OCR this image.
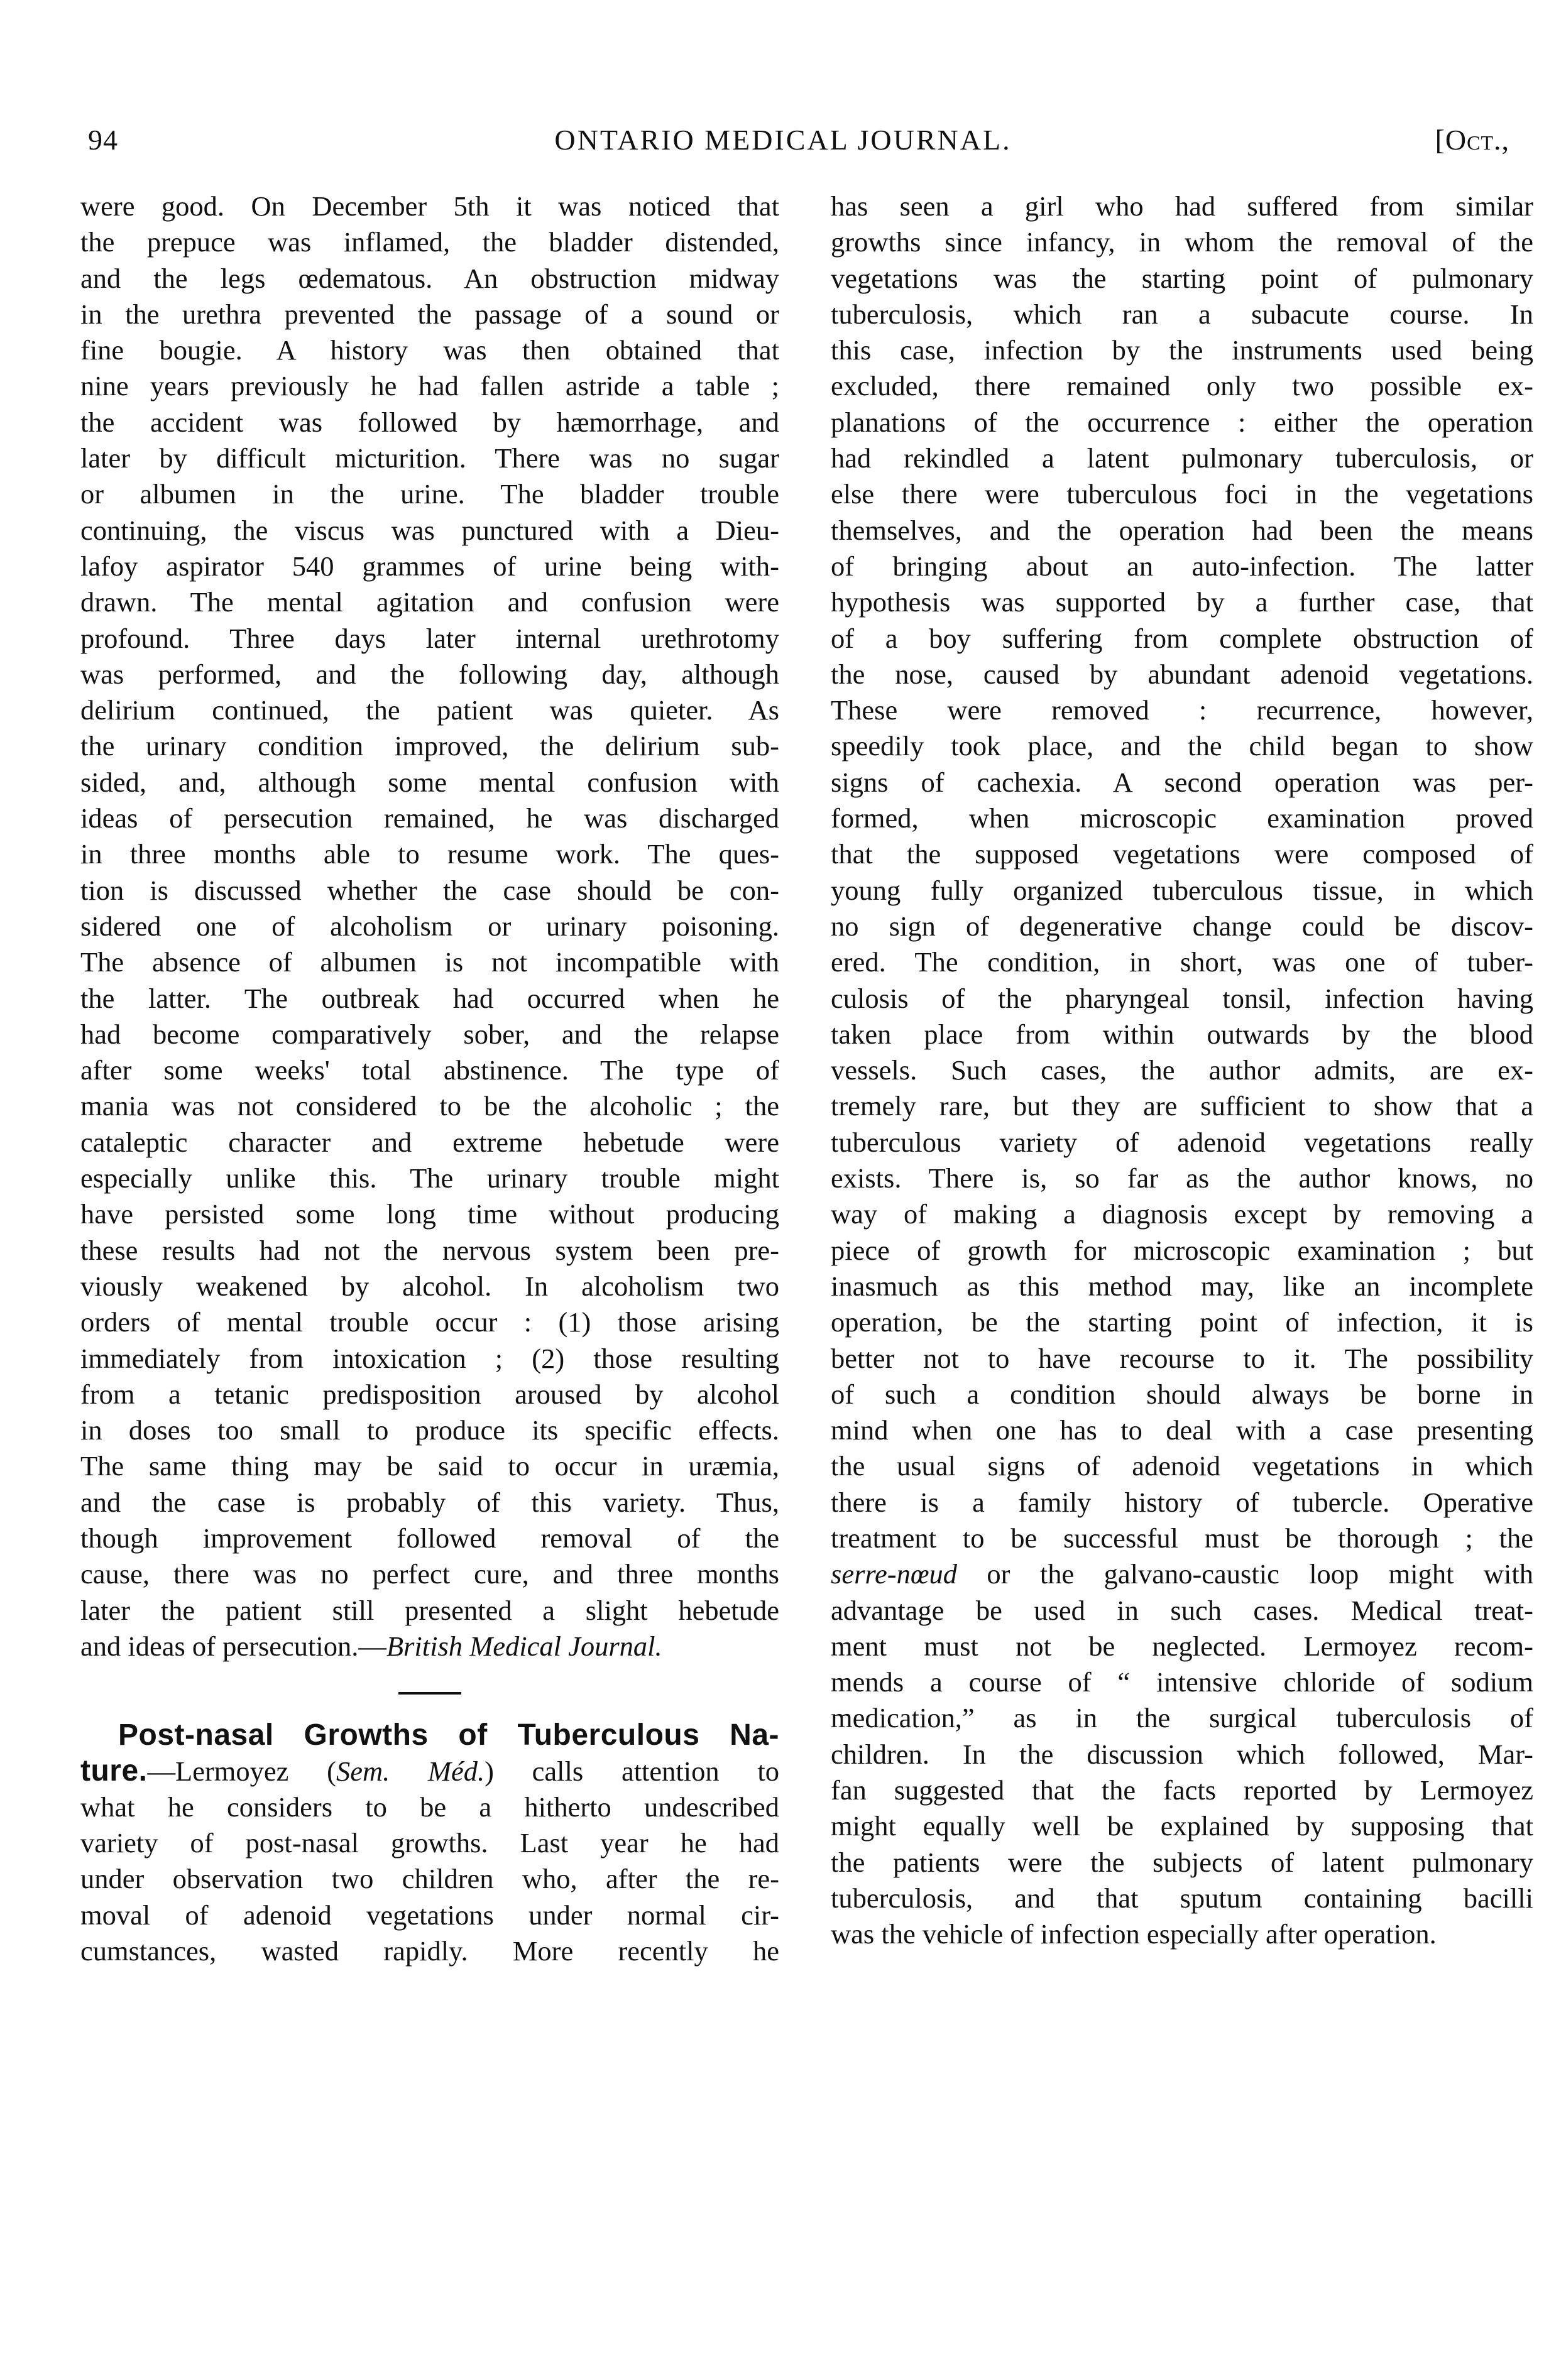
94	ONTARIO MEDICAL JOURNAL.	[Oct.,
were good. On December 5th it was noticed that
the prepuce was inflamed, the bladder distended,
and the legs œdematous. An obstruction midway
in the urethra prevented the passage of a sound or
fine bougie. A history was then obtained that
nine years previously he had fallen astride a table ;
the accident was followed by hæmorrhage, and
later by difficult micturition. There was no sugar
or albumen in the urine. The bladder trouble
continuing, the viscus was punctured with a Dieu-
lafoy aspirator 540 grammes of urine being with-
drawn. The mental agitation and confusion were
profound. Three days later internal urethrotomy
was performed, and the following day, although
delirium continued, the patient was quieter. As
the urinary condition improved, the delirium sub-
sided, and, although some mental confusion with
ideas of persecution remained, he was discharged
in three months able to resume work. The ques-
tion is discussed whether the case should be con-
sidered one of alcoholism or urinary poisoning.
The absence of albumen is not incompatible with
the latter. The outbreak had occurred when he
had become comparatively sober, and the relapse
after some weeks' total abstinence. The type of
mania was not considered to be the alcoholic ; the
cataleptic character and extreme hebetude were
especially unlike this. The urinary trouble might
have persisted some long time without producing
these results had not the nervous system been pre-
viously weakened by alcohol. In alcoholism two
orders of mental trouble occur : (1) those arising
immediately from intoxication ; (2) those resulting
from a tetanic predisposition aroused by alcohol
in doses too small to produce its specific effects.
The same thing may be said to occur in uræmia,
and the case is probably of this variety. Thus,
though improvement followed removal of the
cause, there was no perfect cure, and three months
later the patient still presented a slight hebetude
and ideas of persecution.—British Medical Journal.
Post-nasal Growths of Tuberculous Na-
ture.—Lermoyez (Sem. Méd.) calls attention to
what he considers to be a hitherto undescribed
variety of post-nasal growths. Last year he had
under observation two children who, after the re-
moval of adenoid vegetations under normal cir-
cumstances, wasted rapidly. More recently he
has seen a girl who had suffered from similar
growths since infancy, in whom the removal of the
vegetations was the starting point of pulmonary
tuberculosis, which ran a subacute course. In
this case, infection by the instruments used being
excluded, there remained only two possible ex-
planations of the occurrence : either the operation
had rekindled a latent pulmonary tuberculosis, or
else there were tuberculous foci in the vegetations
themselves, and the operation had been the means
of bringing about an auto-infection. The latter
hypothesis was supported by a further case, that
of a boy suffering from complete obstruction of
the nose, caused by abundant adenoid vegetations.
These were removed : recurrence, however,
speedily took place, and the child began to show
signs of cachexia. A second operation was per-
formed, when microscopic examination proved
that the supposed vegetations were composed of
young fully organized tuberculous tissue, in which
no sign of degenerative change could be discov-
ered. The condition, in short, was one of tuber-
culosis of the pharyngeal tonsil, infection having
taken place from within outwards by the blood
vessels. Such cases, the author admits, are ex-
tremely rare, but they are sufficient to show that a
tuberculous variety of adenoid vegetations really
exists. There is, so far as the author knows, no
way of making a diagnosis except by removing a
piece of growth for microscopic examination ; but
inasmuch as this method may, like an incomplete
operation, be the starting point of infection, it is
better not to have recourse to it. The possibility
of such a condition should always be borne in
mind when one has to deal with a case presenting
the usual signs of adenoid vegetations in which
there is a family history of tubercle. Operative
treatment to be successful must be thorough ; the
serre-nœud or the galvano-caustic loop might with
advantage be used in such cases. Medical treat-
ment must not be neglected. Lermoyez recom-
mends a course of “ intensive chloride of sodium
medication,” as in the surgical tuberculosis of
children. In the discussion which followed, Mar-
fan suggested that the facts reported by Lermoyez
might equally well be explained by supposing that
the patients were the subjects of latent pulmonary
tuberculosis, and that sputum containing bacilli
was the vehicle of infection especially after operation.
